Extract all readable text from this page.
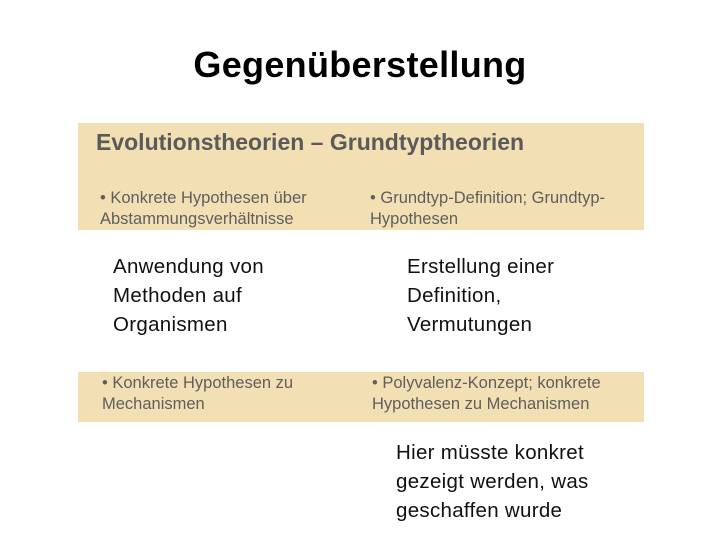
Gegenüberstellung
Evolutionstheorien – Grundtyptheorien
• Konkrete Hypothesen über Abstammungsverhältnisse
• Grundtyp-Definition; Grundtyp-Hypothesen
Anwendung von Methoden auf Organismen
Erstellung einer Definition, Vermutungen
• Konkrete Hypothesen zu Mechanismen
• Polyvalenz-Konzept; konkrete Hypothesen zu Mechanismen
Hier müsste konkret gezeigt werden, was geschaffen wurde
